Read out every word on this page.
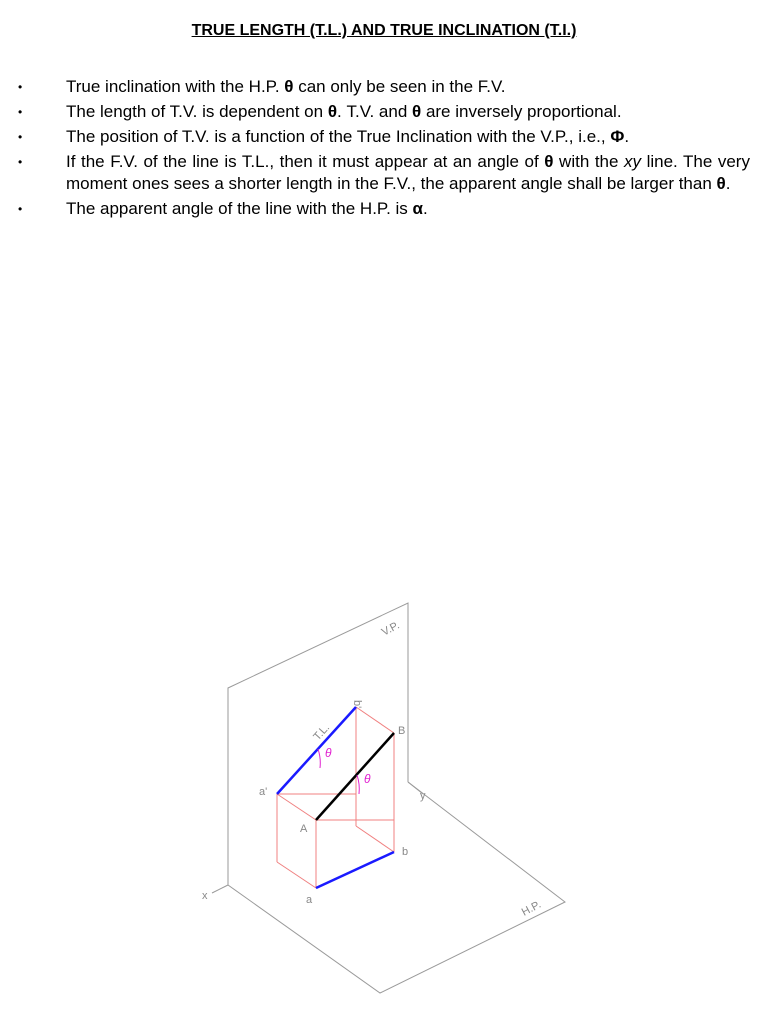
TRUE LENGTH (T.L.) AND TRUE INCLINATION (T.I.)
•	True inclination with the H.P. θ can only be seen in the F.V.
•	The length of T.V. is dependent on θ. T.V. and θ are inversely proportional.
•	The position of T.V. is a function of the True Inclination with the V.P., i.e., Φ.
•	If the F.V. of the line is T.L., then it must appear at an angle of θ with the xy line. The very moment ones sees a shorter length in the F.V., the apparent angle shall be larger than θ.
•	The apparent angle of the line with the H.P. is α.
V.P.
H.P.
x
y
a'
b'
a
b
A
B
T.L.
θ
θ
